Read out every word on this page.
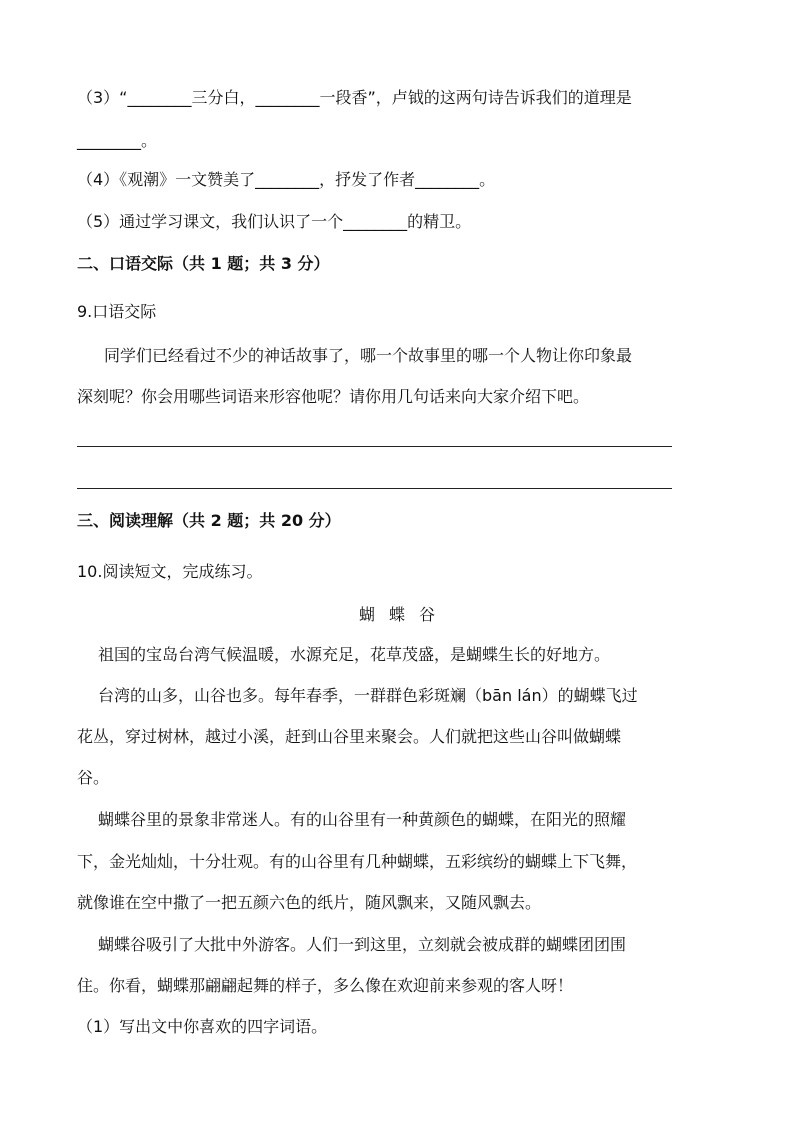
（3）“________三分白，________一段香”，卢钺的这两句诗告诉我们的道理是
________。
（4）《观潮》一文赞美了________，抒发了作者________。
（5）通过学习课文，我们认识了一个________的精卫。
二、口语交际（共 1 题；共 3 分）
9.口语交际
同学们已经看过不少的神话故事了，哪一个故事里的哪一个人物让你印象最
深刻呢？你会用哪些词语来形容他呢？请你用几句话来向大家介绍下吧。
三、阅读理解（共 2 题；共 20 分）
10.阅读短文，完成练习。
蝴蝶谷
祖国的宝岛台湾气候温暖，水源充足，花草茂盛，是蝴蝶生长的好地方。
台湾的山多，山谷也多。每年春季，一群群色彩斑斓（bān lán）的蝴蝶飞过
花丛，穿过树林，越过小溪，赶到山谷里来聚会。人们就把这些山谷叫做蝴蝶
谷。
蝴蝶谷里的景象非常迷人。有的山谷里有一种黄颜色的蝴蝶，在阳光的照耀
下，金光灿灿，十分壮观。有的山谷里有几种蝴蝶，五彩缤纷的蝴蝶上下飞舞，
就像谁在空中撒了一把五颜六色的纸片，随风飘来，又随风飘去。
蝴蝶谷吸引了大批中外游客。人们一到这里，立刻就会被成群的蝴蝶团团围
住。你看，蝴蝶那翩翩起舞的样子，多么像在欢迎前来参观的客人呀！
（1）写出文中你喜欢的四字词语。
